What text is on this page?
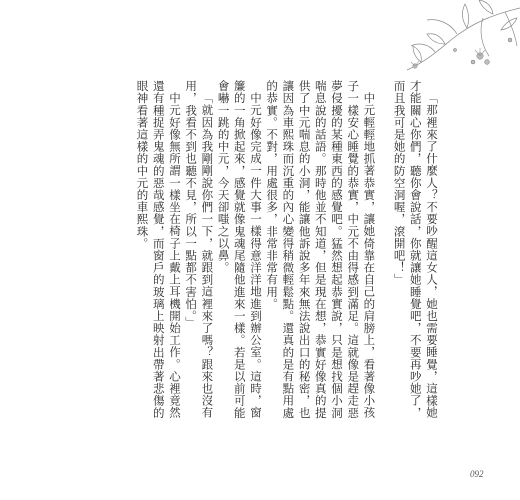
「那裡來了什麼人？不要吵醒這女人，她也需要睡覺，這樣她才能關心你們，聽你會說話，你就讓她睡覺吧，不要再吵她了，而且我可是她的防空洞喔，滾開吧！」

中元輕輕地抓著恭實，讓她倚靠在自己的肩膀上，看著像小孩子一樣安心睡覺的恭實，中元不由得感到滿足。這就像是趕走惡夢侵擾的某種東西的感覺吧。猛然想起恭實說，只是想找個小洞喘息說的話語。那時他並不知道，但是現在想，恭實好像真的提供了中元喘息的小洞，能讓他訴說多年來無法說出口的秘密，也讓因為車熙珠而沉重的內心變得稍微輕鬆點。還真的是有點用處的恭實。不對，用處很多，非常非常有用。

中元好像完成一件大事一樣得意洋洋地進到辦公室。這時，窗簾的一角掀起來，感覺就像鬼魂尾隨他進來一樣。若是以前可能會嚇一跳的中元，今天卻嗤之以鼻。

「就因為我剛剛說你們一下，就跟到這裡來了嗎？跟來也沒有用，我看不到也聽不見，所以一點都不害怕。」

中元好像無所謂一樣坐在椅子上戴上耳機開始工作。心裡竟然還有種捉弄鬼魂的惡哉感覺，而窗戶的玻璃上映射出帶著悲傷的眼神看著這樣的中元的車熙珠。

092
